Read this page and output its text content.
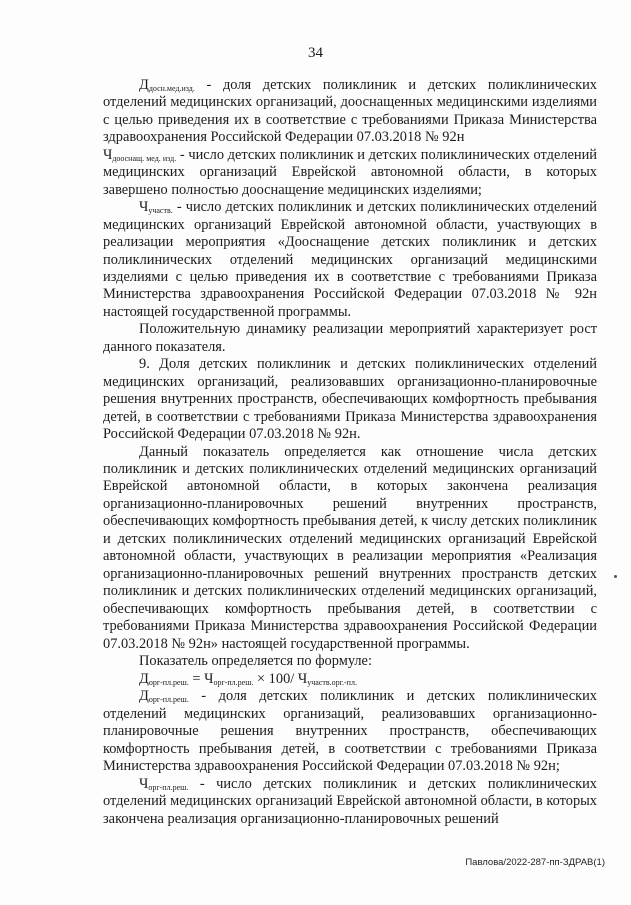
34

$Д_{досн.мед.изд.}$ - доля детских поликлиник и детских поликлинических отделений медицинских организаций, дооснащенных медицинскими изделиями с целью приведения их в соответствие с требованиями Приказа Министерства здравоохранения Российской Федерации 07.03.2018 № 92н

$Ч_{дооснащ. мед. изд.}$ - число детских поликлиник и детских поликлинических отделений медицинских организаций Еврейской автономной области, в которых завершено полностью дооснащение медицинских изделиями;

$Ч_{участв.}$ - число детских поликлиник и детских поликлинических отделений медицинских организаций Еврейской автономной области, участвующих в реализации мероприятия «Дооснащение детских поликлиник и детских поликлинических отделений медицинских организаций медицинскими изделиями с целью приведения их в соответствие с требованиями Приказа Министерства здравоохранения Российской Федерации 07.03.2018 № 92н настоящей государственной программы.

Положительную динамику реализации мероприятий характеризует рост данного показателя.

9. Доля детских поликлиник и детских поликлинических отделений медицинских организаций, реализовавших организационно-планировочные решения внутренних пространств, обеспечивающих комфортность пребывания детей, в соответствии с требованиями Приказа Министерства здравоохранения Российской Федерации 07.03.2018 № 92н.

Данный показатель определяется как отношение числа детских поликлиник и детских поликлинических отделений медицинских организаций Еврейской автономной области, в которых закончена реализация организационно-планировочных решений внутренних пространств, обеспечивающих комфортность пребывания детей, к числу детских поликлиник и детских поликлинических отделений медицинских организаций Еврейской автономной области, участвующих в реализации мероприятия «Реализация организационно-планировочных решений внутренних пространств детских поликлиник и детских поликлинических отделений медицинских организаций, обеспечивающих комфортность пребывания детей, в соответствии с требованиями Приказа Министерства здравоохранения Российской Федерации 07.03.2018 № 92н» настоящей государственной программы.

Показатель определяется по формуле:

$Д_{орг-пл.реш.} = Ч_{орг-пл.реш.} \times 100/$ $Ч_{участв.орг.-пл.}$

$Д_{орг-пл.реш.}$ - доля детских поликлиник и детских поликлинических отделений медицинских организаций, реализовавших организационно-планировочные решения внутренних пространств, обеспечивающих комфортность пребывания детей, в соответствии с требованиями Приказа Министерства здравоохранения Российской Федерации 07.03.2018 № 92н;

$Ч_{орг-пл.реш.}$ - число детских поликлиник и детских поликлинических отделений медицинских организаций Еврейской автономной области, в которых закончена реализация организационно-планировочных решений

Павлова/2022-287-пп-ЗДРАВ(1)
